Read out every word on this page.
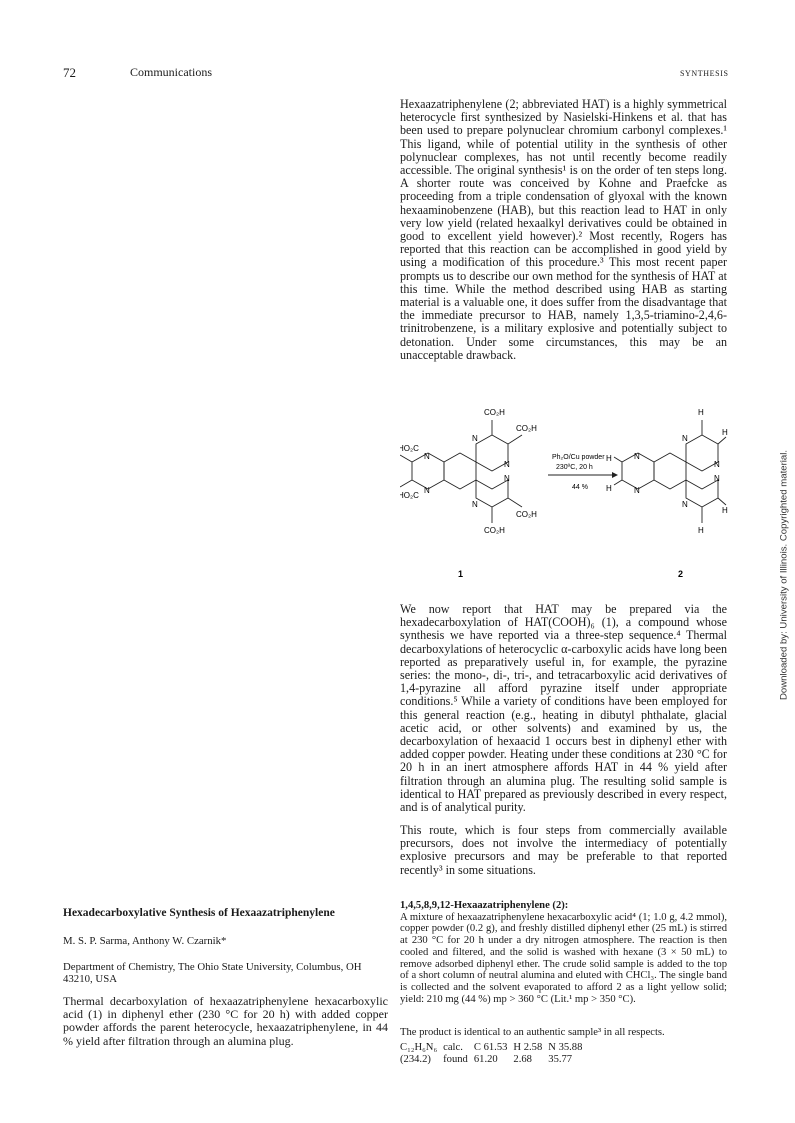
72	Communications	SYNTHESIS

Hexaazatriphenylene (2; abbreviated HAT) is a highly symmetrical heterocycle first synthesized by Nasielski-Hinkens et al. that has been used to prepare polynuclear chromium carbonyl complexes.¹ This ligand, while of potential utility in the synthesis of other polynuclear complexes, has not until recently become readily accessible. The original synthesis¹ is on the order of ten steps long. A shorter route was conceived by Kohne and Praefcke as proceeding from a triple condensation of glyoxal with the known hexaaminobenzene (HAB), but this reaction lead to HAT in only very low yield (related hexaalkyl derivatives could be obtained in good to excellent yield however).² Most recently, Rogers has reported that this reaction can be accomplished in good yield by using a modification of this procedure.³ This most recent paper prompts us to describe our own method for the synthesis of HAT at this time. While the method described using HAB as starting material is a valuable one, it does suffer from the disadvantage that the immediate precursor to HAB, namely 1,3,5-triamino-2,4,6-trinitrobenzene, is a military explosive and potentially subject to detonation. Under some circumstances, this may be an unacceptable drawback.

Ph₂O/Cu powder
230ºC, 20 h
44 %
CO₂H
CO₂H
HO₂C
HO₂C
CO₂H
CO₂H
N
N
N
N
N
N
H
H
H
H
H
H
N
N
N
N
N
N
1	2

We now report that HAT may be prepared via the hexadecarboxylation of HAT(COOH)₆ (1), a compound whose synthesis we have reported via a three-step sequence.⁴ Thermal decarboxylations of heterocyclic α-carboxylic acids have long been reported as preparatively useful in, for example, the pyrazine series: the mono-, di-, tri-, and tetracarboxylic acid derivatives of 1,4-pyrazine all afford pyrazine itself under appropriate conditions.⁵ While a variety of conditions have been employed for this general reaction (e.g., heating in dibutyl phthalate, glacial acetic acid, or other solvents) and examined by us, the decarboxylation of hexaacid 1 occurs best in diphenyl ether with added copper powder. Heating under these conditions at 230 °C for 20 h in an inert atmosphere affords HAT in 44 % yield after filtration through an alumina plug. The resulting solid sample is identical to HAT prepared as previously described in every respect, and is of analytical purity.

This route, which is four steps from commercially available precursors, does not involve the intermediacy of potentially explosive precursors and may be preferable to that reported recently³ in some situations.

1,4,5,8,9,12-Hexaazatriphenylene (2):

A mixture of hexaazatriphenylene hexacarboxylic acid⁴ (1; 1.0 g, 4.2 mmol), copper powder (0.2 g), and freshly distilled diphenyl ether (25 mL) is stirred at 230 °C for 20 h under a dry nitrogen atmosphere. The reaction is then cooled and filtered, and the solid is washed with hexane (3 × 50 mL) to remove adsorbed diphenyl ether. The crude solid sample is added to the top of a short column of neutral alumina and eluted with CHCl₃. The single band is collected and the solvent evaporated to afford 2 as a light yellow solid; yield: 210 mg (44 %) mp > 360 °C (Lit.¹ mp > 350 °C).

The product is identical to an authentic sample³ in all respects.
C₁₂H₆N₆	calc.	C 61.53	H 2.58	N 35.88
(234.2)	found	61.20	2.68	35.77
Hexadecarboxylative Synthesis of Hexaazatriphenylene
M. S. P. Sarma, Anthony W. Czarnik*
Department of Chemistry, The Ohio State University, Columbus, OH 43210, USA
Thermal decarboxylation of hexaazatriphenylene hexacarboxylic acid (1) in diphenyl ether (230 °C for 20 h) with added copper powder affords the parent heterocycle, hexaazatriphenylene, in 44 % yield after filtration through an alumina plug.
Downloaded by: University of Illinois. Copyrighted material.
